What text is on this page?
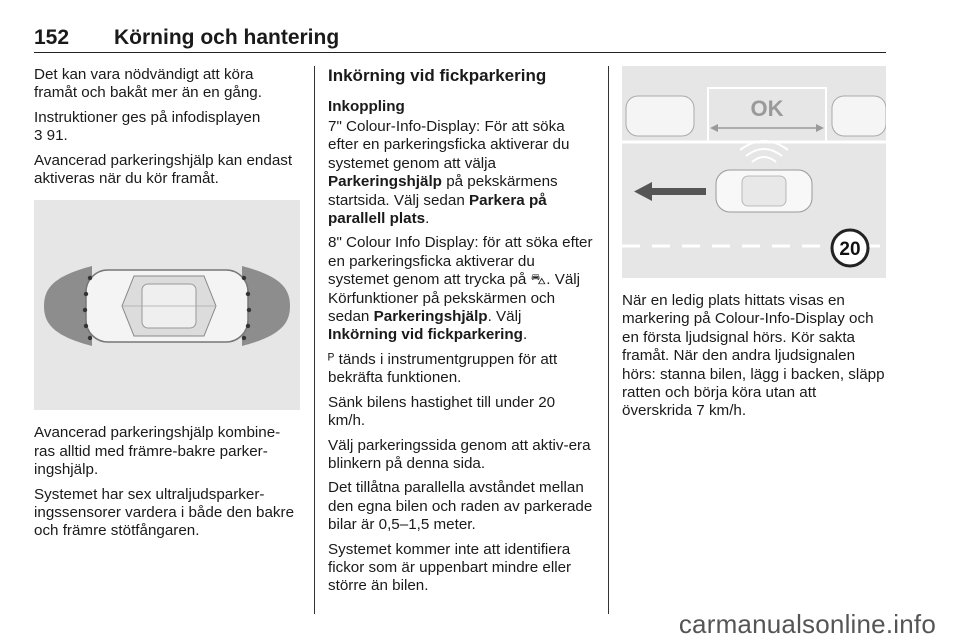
152 Körning och hantering

Det kan vara nödvändigt att köra framåt och bakåt mer än en gång.

Instruktioner ges på infodisplayen
3 91.

Avancerad parkeringshjälp kan endast aktiveras när du kör framåt.

Avancerad parkeringshjälp kombine-ras alltid med främre-bakre parker-ingshjälp.

Systemet har sex ultraljudsparker-ingssensorer vardera i både den bakre och främre stötfångaren.

Inkörning vid fickparkering
Inkoppling

7" Colour-Info-Display: För att söka efter en parkeringsficka aktiverar du systemet genom att välja Parkeringshjälp på pekskärmens startsida. Välj sedan Parkera på parallell plats.

8" Colour Info Display: för att söka efter en parkeringsficka aktiverar du systemet genom att trycka på ⛍. Välj Körfunktioner på pekskärmen och sedan Parkeringshjälp. Välj Inkörning vid fickparkering.

ᴾ tänds i instrumentgruppen för att bekräfta funktionen.

Sänk bilens hastighet till under 20 km/h.

Välj parkeringssida genom att aktiv-era blinkern på denna sida.

Det tillåtna parallella avståndet mellan den egna bilen och raden av parkerade bilar är 0,5–1,5 meter.

Systemet kommer inte att identifiera fickor som är uppenbart mindre eller större än bilen.

OK
20

När en ledig plats hittats visas en markering på Colour-Info-Display och en första ljudsignal hörs. Kör sakta framåt. När den andra ljudsignalen hörs: stanna bilen, lägg i backen, släpp ratten och börja köra utan att överskrida 7 km/h.

carmanualsonline.info
